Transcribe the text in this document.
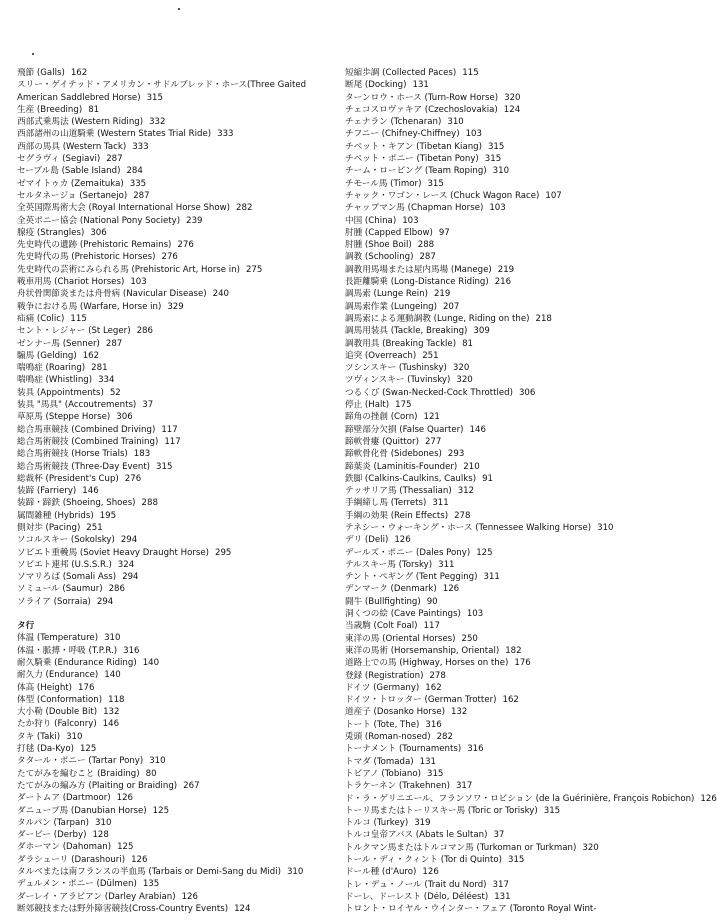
飛節 (Galls) 162
スリー・ゲイテッド・アメリカン・サドルブレッド・ホース(Three Gaited American Saddlebred Horse) 315
生産 (Breeding) 81
西部式乗馬法 (Western Riding) 332
西部諸州の山道騎乗 (Western States Trial Ride) 333
西部の馬具 (Western Tack) 333
セグラヴィ (Segiavi) 287
セーブル島 (Sable Island) 284
ゼマイトゥカ (Zemaituka) 335
セルタネージョ (Sertanejo) 287
全英国際馬術大会 (Royal International Horse Show) 282
全英ポニー協会 (National Pony Society) 239
腺疫 (Strangles) 306
先史時代の遺跡 (Prehistoric Remains) 276
先史時代の馬 (Prehistoric Horses) 276
先史時代の芸術にみられる馬 (Prehistoric Art, Horse in) 275
戦車用馬 (Chariot Horses) 103
舟状骨関節炎または舟骨病 (Navicular Disease) 240
戦争における馬 (Warfare, Horse in) 329
疝痛 (Colic) 115
セント・レジャー (St Leger) 286
ゼンナー馬 (Senner) 287
騸馬 (Gelding) 162
喘鳴症 (Roaring) 281
喘鳴症 (Whistling) 334
装具 (Appointments) 52
装具 "馬具" (Accoutrements) 37
草原馬 (Steppe Horse) 306
総合馬車競技 (Combined Driving) 117
総合馬術競技 (Combined Training) 117
総合馬術競技 (Horse Trials) 183
総合馬術競技 (Three-Day Event) 315
総裁杯 (President's Cup) 276
装蹄 (Farriery) 146
装蹄・蹄鉄 (Shoeing, Shoes) 288
属間雑種 (Hybrids) 195
側対歩 (Pacing) 251
ソコルスキー (Sokolsky) 294
ソビエト重輓馬 (Soviet Heavy Draught Horse) 295
ソビエト連邦 (U.S.S.R.) 324
ソマリろば (Somali Ass) 294
ソミュール (Saumur) 286
ソライア (Sorraia) 294
タ行
体温 (Temperature) 310
体温・脈搏・呼吸 (T.P.R.) 316
耐久騎乗 (Endurance Riding) 140
耐久力 (Endurance) 140
体高 (Height) 176
体型 (Conformation) 118
大小勒 (Double Bit) 132
たか狩り (Falconry) 146
タキ (Taki) 310
打毬 (Da-Kyo) 125
タタール・ポニー (Tartar Pony) 310
たてがみを編むこと (Braiding) 80
たてがみの編み方 (Plaiting or Braiding) 267
ダートムア (Dartmoor) 126
ダニューブ馬 (Danubian Horse) 125
タルパン (Tarpan) 310
ダービー (Derby) 128
ダホーマン (Dahoman) 125
ダラシューリ (Darashouri) 126
タルベまたは南フランスの半血馬 (Tarbais or Demi-Sang du Midi) 310
デュルメン・ポニー (Dülmen) 135
ダーレイ・アラビアン (Darley Arabian) 126
断郊競技または野外障害競技(Cross-Country Events) 124
短縮歩調 (Collected Paces) 115
断尾 (Docking) 131
ターンロウ・ホース (Turn-Row Horse) 320
チェコスロヴァキア (Czechoslovakia) 124
チェナラン (Tchenaran) 310
チフニー (Chifney-Chiffney) 103
チベット・キアン (Tibetan Kiang) 315
チベット・ポニー (Tibetan Pony) 315
チーム・ローピング (Team Roping) 310
チモール馬 (Timor) 315
チャック・ワゴン・レース (Chuck Wagon Race) 107
チャップマン馬 (Chapman Horse) 103
中国 (China) 103
肘腫 (Capped Elbow) 97
肘腫 (Shoe Boil) 288
調教 (Schooling) 287
調教用馬場または屋内馬場 (Manege) 219
長距離騎乗 (Long-Distance Riding) 216
調馬索 (Lunge Rein) 219
調馬索作業 (Lungeing) 207
調馬索による運動調教 (Lunge, Riding on the) 218
調馬用装具 (Tackle, Breaking) 309
調教用具 (Breaking Tackle) 81
追突 (Overreach) 251
ツシンスキー (Tushinsky) 320
ツヴィンスキー (Tuvinsky) 320
つるくび (Swan-Necked-Cock Throttled) 306
停止 (Halt) 175
蹄角の挫創 (Corn) 121
蹄壁部分欠損 (False Quarter) 146
蹄軟骨瘻 (Quittor) 277
蹄軟骨化骨 (Sidebones) 293
蹄葉炎 (Laminitis-Founder) 210
鉄脚 (Calkins-Caulkins, Caulks) 91
テッサリア馬 (Thessalian) 312
手綱締し馬 (Terrets) 311
手綱の効果 (Rein Effects) 278
テネシー・ウォーキング・ホース (Tennessee Walking Horse) 310
デリ (Deli) 126
デールズ・ポニー (Dales Pony) 125
テルスキー馬 (Torsky) 311
テント・ペギング (Tent Pegging) 311
デンマーク (Denmark) 126
闘牛 (Bullfighting) 90
洞くつの絵 (Cave Paintings) 103
当歳駒 (Colt Foal) 117
東洋の馬 (Oriental Horses) 250
東洋の馬術 (Horsemanship, Oriental) 182
道路上での馬 (Highway, Horses on the) 176
登録 (Registration) 278
ドイツ (Germany) 162
ドイツ・トロッター (German Trotter) 162
道産子 (Dosanko Horse) 132
トート (Tote, The) 316
兎頭 (Roman-nosed) 282
トーナメント (Tournaments) 316
トマダ (Tomada) 131
トビアノ (Tobiano) 315
トラケーネン (Trakehnen) 317
ド・ラ・ゲリニエール、フランソワ・ロビション (de la Guérinière, François Robichon) 126
トーリ馬またはトーリスキー馬 (Toric or Torisky) 315
トルコ (Turkey) 319
トルコ皇帝アバス (Abats le Sultan) 37
トルクマン馬またはトルコマン馬 (Turkoman or Turkman) 320
トール・ディ・クィント (Tor di Quinto) 315
ドール種 (d'Auro) 126
トレ・デュ・ノール (Trait du Nord) 317
ドーレ、ドーレスト (Délo, Déléest) 131
トロント・ロイヤル・ウインター・フェア (Toronto Royal Wint-
